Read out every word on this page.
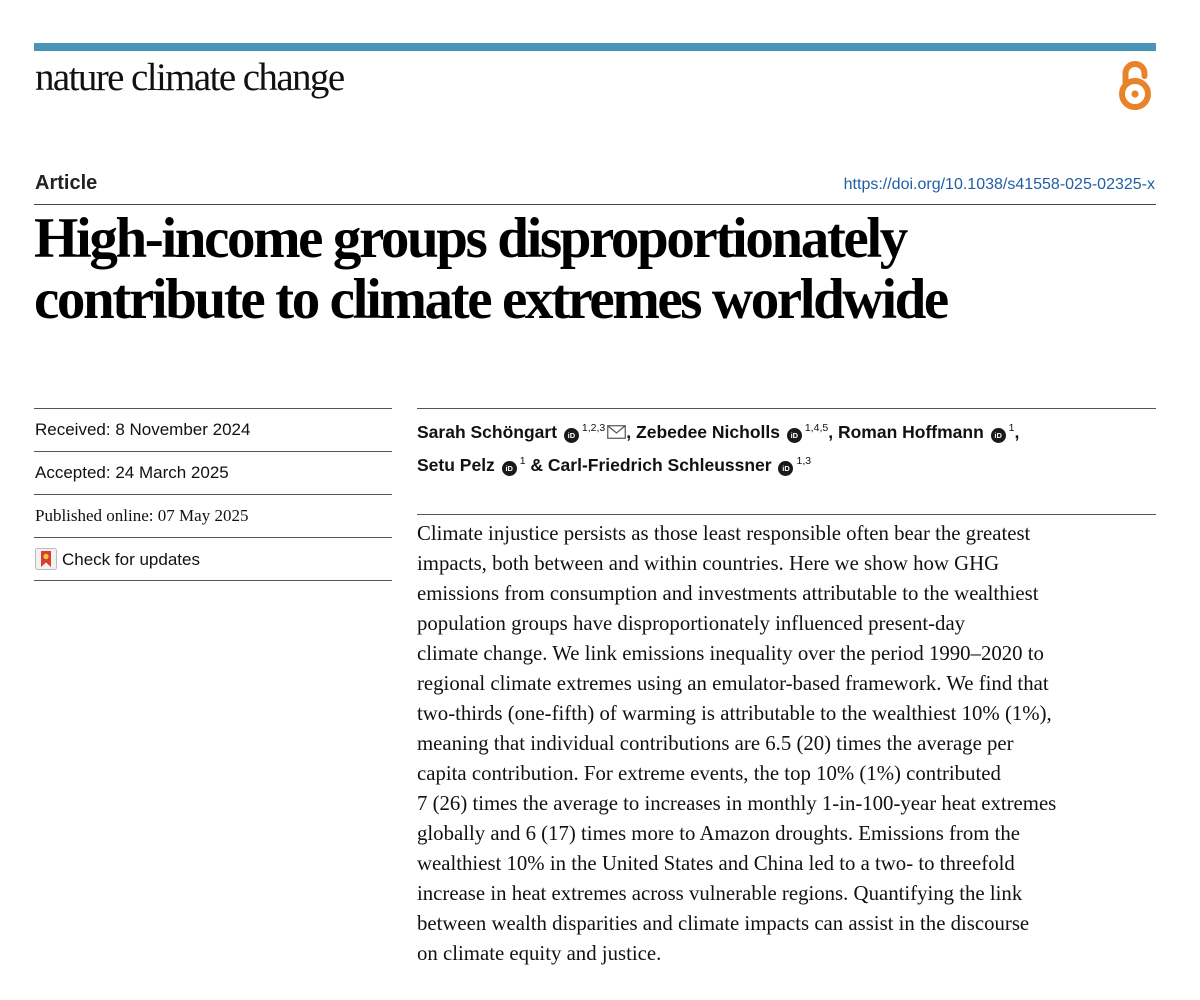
nature climate change
Article	https://doi.org/10.1038/s41558-025-02325-x
High-income groups disproportionately
contribute to climate extremes worldwide
Received: 8 November 2024
Accepted: 24 March 2025
Published online: 07 May 2025
Check for updates
Sarah Schöngart iD$^{1,2,3}$ , Zebedee Nicholls iD$^{1,4,5}$, Roman Hoffmann iD$^1$,
Setu Pelz iD$^1$ & Carl-Friedrich Schleussner iD$^{1,3}$

Climate injustice persists as those least responsible often bear the greatest
impacts, both between and within countries. Here we show how GHG
emissions from consumption and investments attributable to the wealthiest
population groups have disproportionately influenced present-day
climate change. We link emissions inequality over the period 1990–2020 to
regional climate extremes using an emulator-based framework. We find that
two-thirds (one-fifth) of warming is attributable to the wealthiest 10% (1%),
meaning that individual contributions are 6.5 (20) times the average per
capita contribution. For extreme events, the top 10% (1%) contributed
7 (26) times the average to increases in monthly 1-in-100-year heat extremes
globally and 6 (17) times more to Amazon droughts. Emissions from the
wealthiest 10% in the United States and China led to a two- to threefold
increase in heat extremes across vulnerable regions. Quantifying the link
between wealth disparities and climate impacts can assist in the discourse
on climate equity and justice.
